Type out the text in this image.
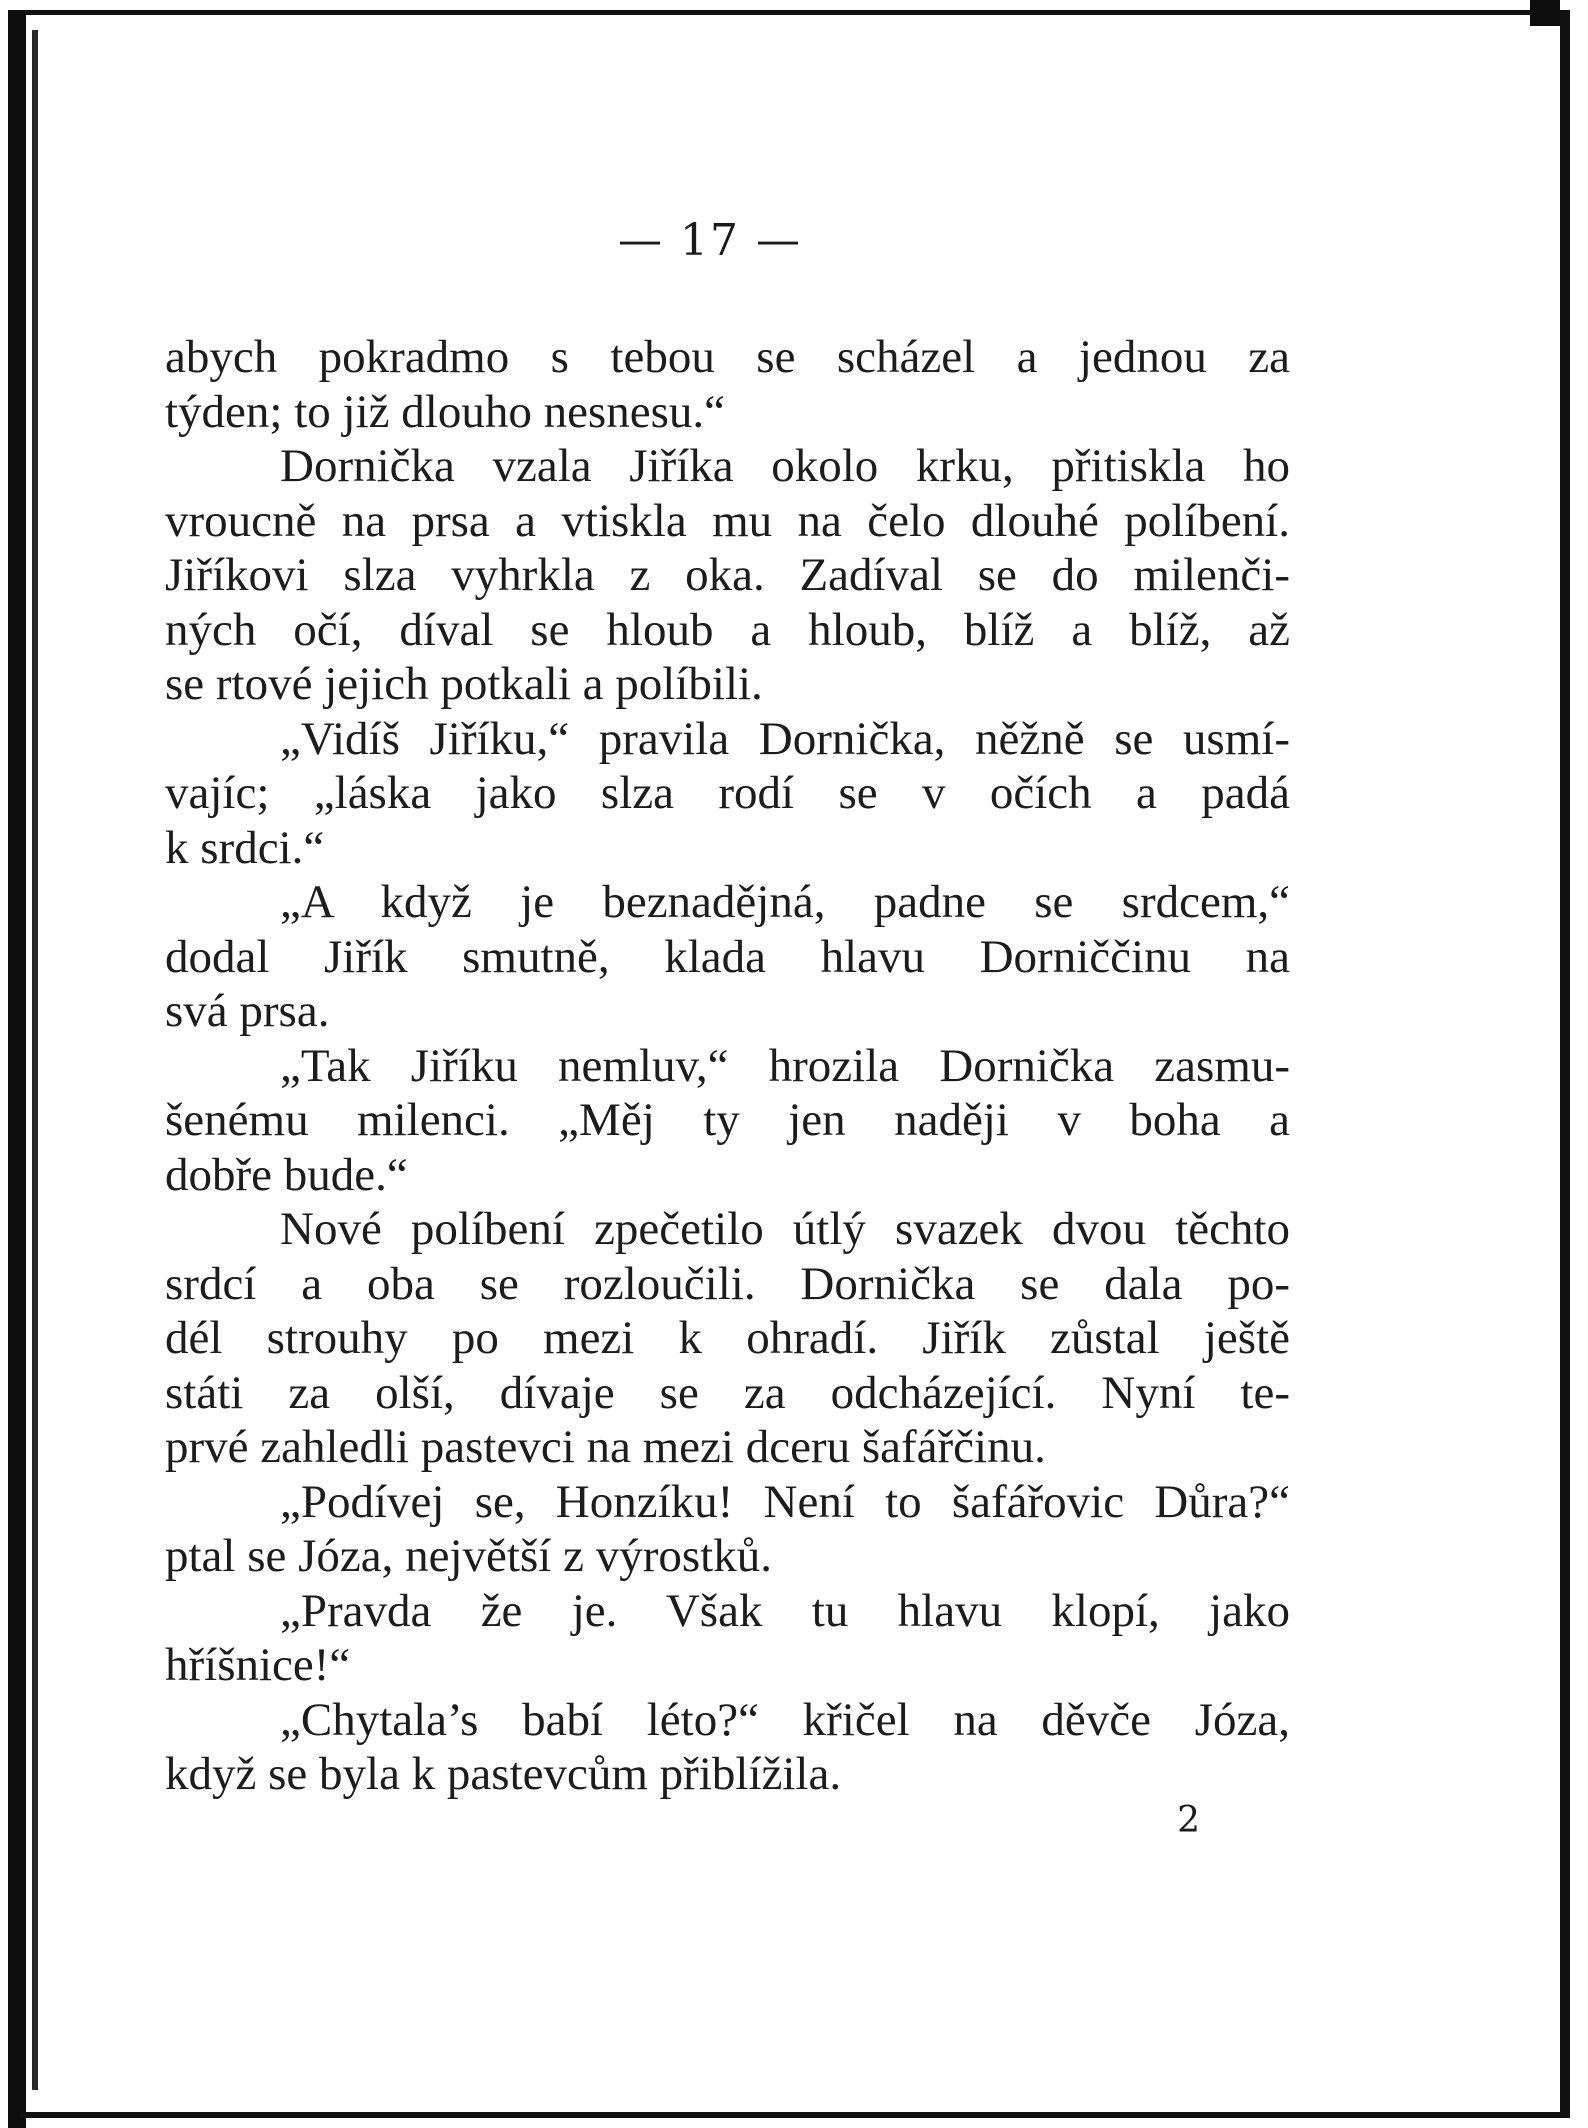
— 17 —
abych pokradmo s tebou se scházel a jednou za
týden; to již dlouho nesnesu.“
Dornička vzala Jiříka okolo krku, přitiskla ho
vroucně na prsa a vtiskla mu na čelo dlouhé políbení.
Jiříkovi slza vyhrkla z oka. Zadíval se do milenči-
ných očí, díval se hloub a hloub, blíž a blíž, až
se rtové jejich potkali a políbili.
„Vidíš Jiříku,“ pravila Dornička, něžně se usmí-
vajíc; „láska jako slza rodí se v očích a padá
k srdci.“
„A když je beznadějná, padne se srdcem,“
dodal Jiřík smutně, kladа hlavu Dorniččinu na
svá prsa.
„Tak Jiříku nemluv,“ hrozila Dornička zasmu-
šenému milenci. „Měj ty jen naději v boha a
dobře bude.“
Nové políbení zpečetilo útlý svazek dvou těchto
srdcí a oba se rozloučili. Dornička se dala po-
dél strouhy po mezi k ohradí. Jiřík zůstal ještě
státi za olší, dívaje se za odcházející. Nyní te-
prvé zahledli pastevci na mezi dceru šafářčinu.
„Podívej se, Honzíku! Není to šafářovic Důra?“
ptal se Józa, největší z výrostků.
„Pravda že je. Však tu hlavu klopí, jako
hříšnice!“
„Chytala’s babí léto?“ křičel na děvče Józa,
když se byla k pastevcům přiblížila.
2
